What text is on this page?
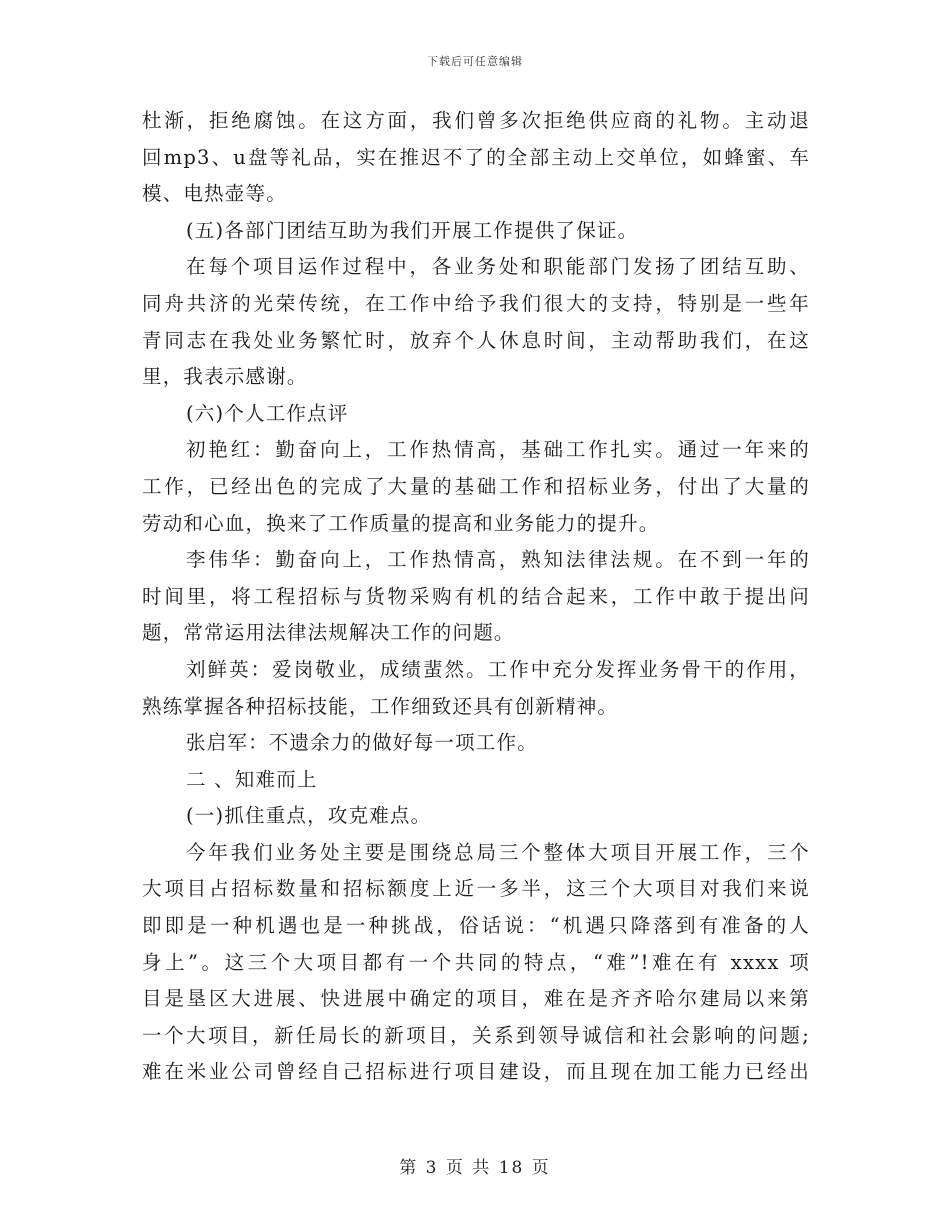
下载后可任意编辑
杜渐，拒绝腐蚀。在这方面，我们曾多次拒绝供应商的礼物。主动退
回mp3、u盘等礼品，实在推迟不了的全部主动上交单位，如蜂蜜、车
模、电热壶等。
(五)各部门团结互助为我们开展工作提供了保证。
在每个项目运作过程中，各业务处和职能部门发扬了团结互助、
同舟共济的光荣传统，在工作中给予我们很大的支持，特别是一些年
青同志在我处业务繁忙时，放弃个人休息时间，主动帮助我们，在这
里，我表示感谢。
(六)个人工作点评
初艳红：勤奋向上，工作热情高，基础工作扎实。通过一年来的
工作，已经出色的完成了大量的基础工作和招标业务，付出了大量的
劳动和心血，换来了工作质量的提高和业务能力的提升。
李伟华：勤奋向上，工作热情高，熟知法律法规。在不到一年的
时间里，将工程招标与货物采购有机的结合起来，工作中敢于提出问
题，常常运用法律法规解决工作的问题。
刘鲜英：爱岗敬业，成绩蜚然。工作中充分发挥业务骨干的作用，
熟练掌握各种招标技能，工作细致还具有创新精神。
张启军：不遗余力的做好每一项工作。
二 、知难而上
(一)抓住重点，攻克难点。
今年我们业务处主要是围绕总局三个整体大项目开展工作，三个
大项目占招标数量和招标额度上近一多半，这三个大项目对我们来说
即即是一种机遇也是一种挑战，俗话说：“机遇只降落到有准备的人
身上”。这三个大项目都有一个共同的特点，“难”!难在有 xxxx 项
目是垦区大进展、快进展中确定的项目，难在是齐齐哈尔建局以来第
一个大项目，新任局长的新项目，关系到领导诚信和社会影响的问题;
难在米业公司曾经自己招标进行项目建设，而且现在加工能力已经出
第 3 页 共 18 页
